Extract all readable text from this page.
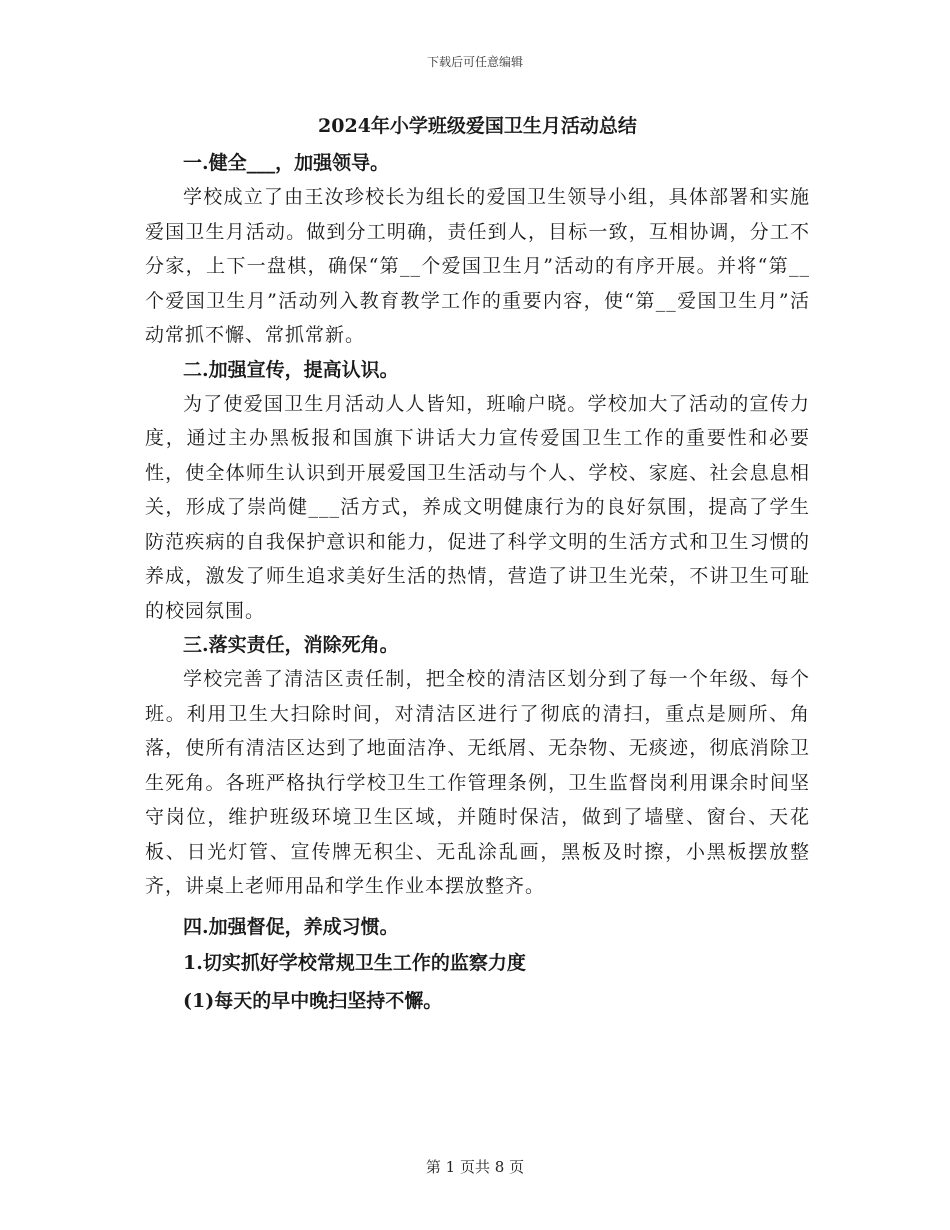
下载后可任意编辑
2024年小学班级爱国卫生月活动总结
一.健全___，加强领导。

学校成立了由王汝珍校长为组长的爱国卫生领导小组，具体部署和实施爱国卫生月活动。做到分工明确，责任到人，目标一致，互相协调，分工不分家，上下一盘棋，确保“第__个爱国卫生月”活动的有序开展。并将“第__个爱国卫生月”活动列入教育教学工作的重要内容，使“第__爱国卫生月”活动常抓不懈、常抓常新。

二.加强宣传，提高认识。

为了使爱国卫生月活动人人皆知，班喻户晓。学校加大了活动的宣传力度，通过主办黑板报和国旗下讲话大力宣传爱国卫生工作的重要性和必要性，使全体师生认识到开展爱国卫生活动与个人、学校、家庭、社会息息相关，形成了崇尚健___活方式，养成文明健康行为的良好氛围，提高了学生防范疾病的自我保护意识和能力，促进了科学文明的生活方式和卫生习惯的养成，激发了师生追求美好生活的热情，营造了讲卫生光荣，不讲卫生可耻的校园氛围。

三.落实责任，消除死角。

学校完善了清洁区责任制，把全校的清洁区划分到了每一个年级、每个班。利用卫生大扫除时间，对清洁区进行了彻底的清扫，重点是厕所、角落，使所有清洁区达到了地面洁净、无纸屑、无杂物、无痰迹，彻底消除卫生死角。各班严格执行学校卫生工作管理条例，卫生监督岗利用课余时间坚守岗位，维护班级环境卫生区域，并随时保洁，做到了墙壁、窗台、天花板、日光灯管、宣传牌无积尘、无乱涂乱画，黑板及时擦，小黑板摆放整齐，讲桌上老师用品和学生作业本摆放整齐。

四.加强督促，养成习惯。
1.切实抓好学校常规卫生工作的监察力度
(1)每天的早中晚扫坚持不懈。
第 1 页共 8 页
